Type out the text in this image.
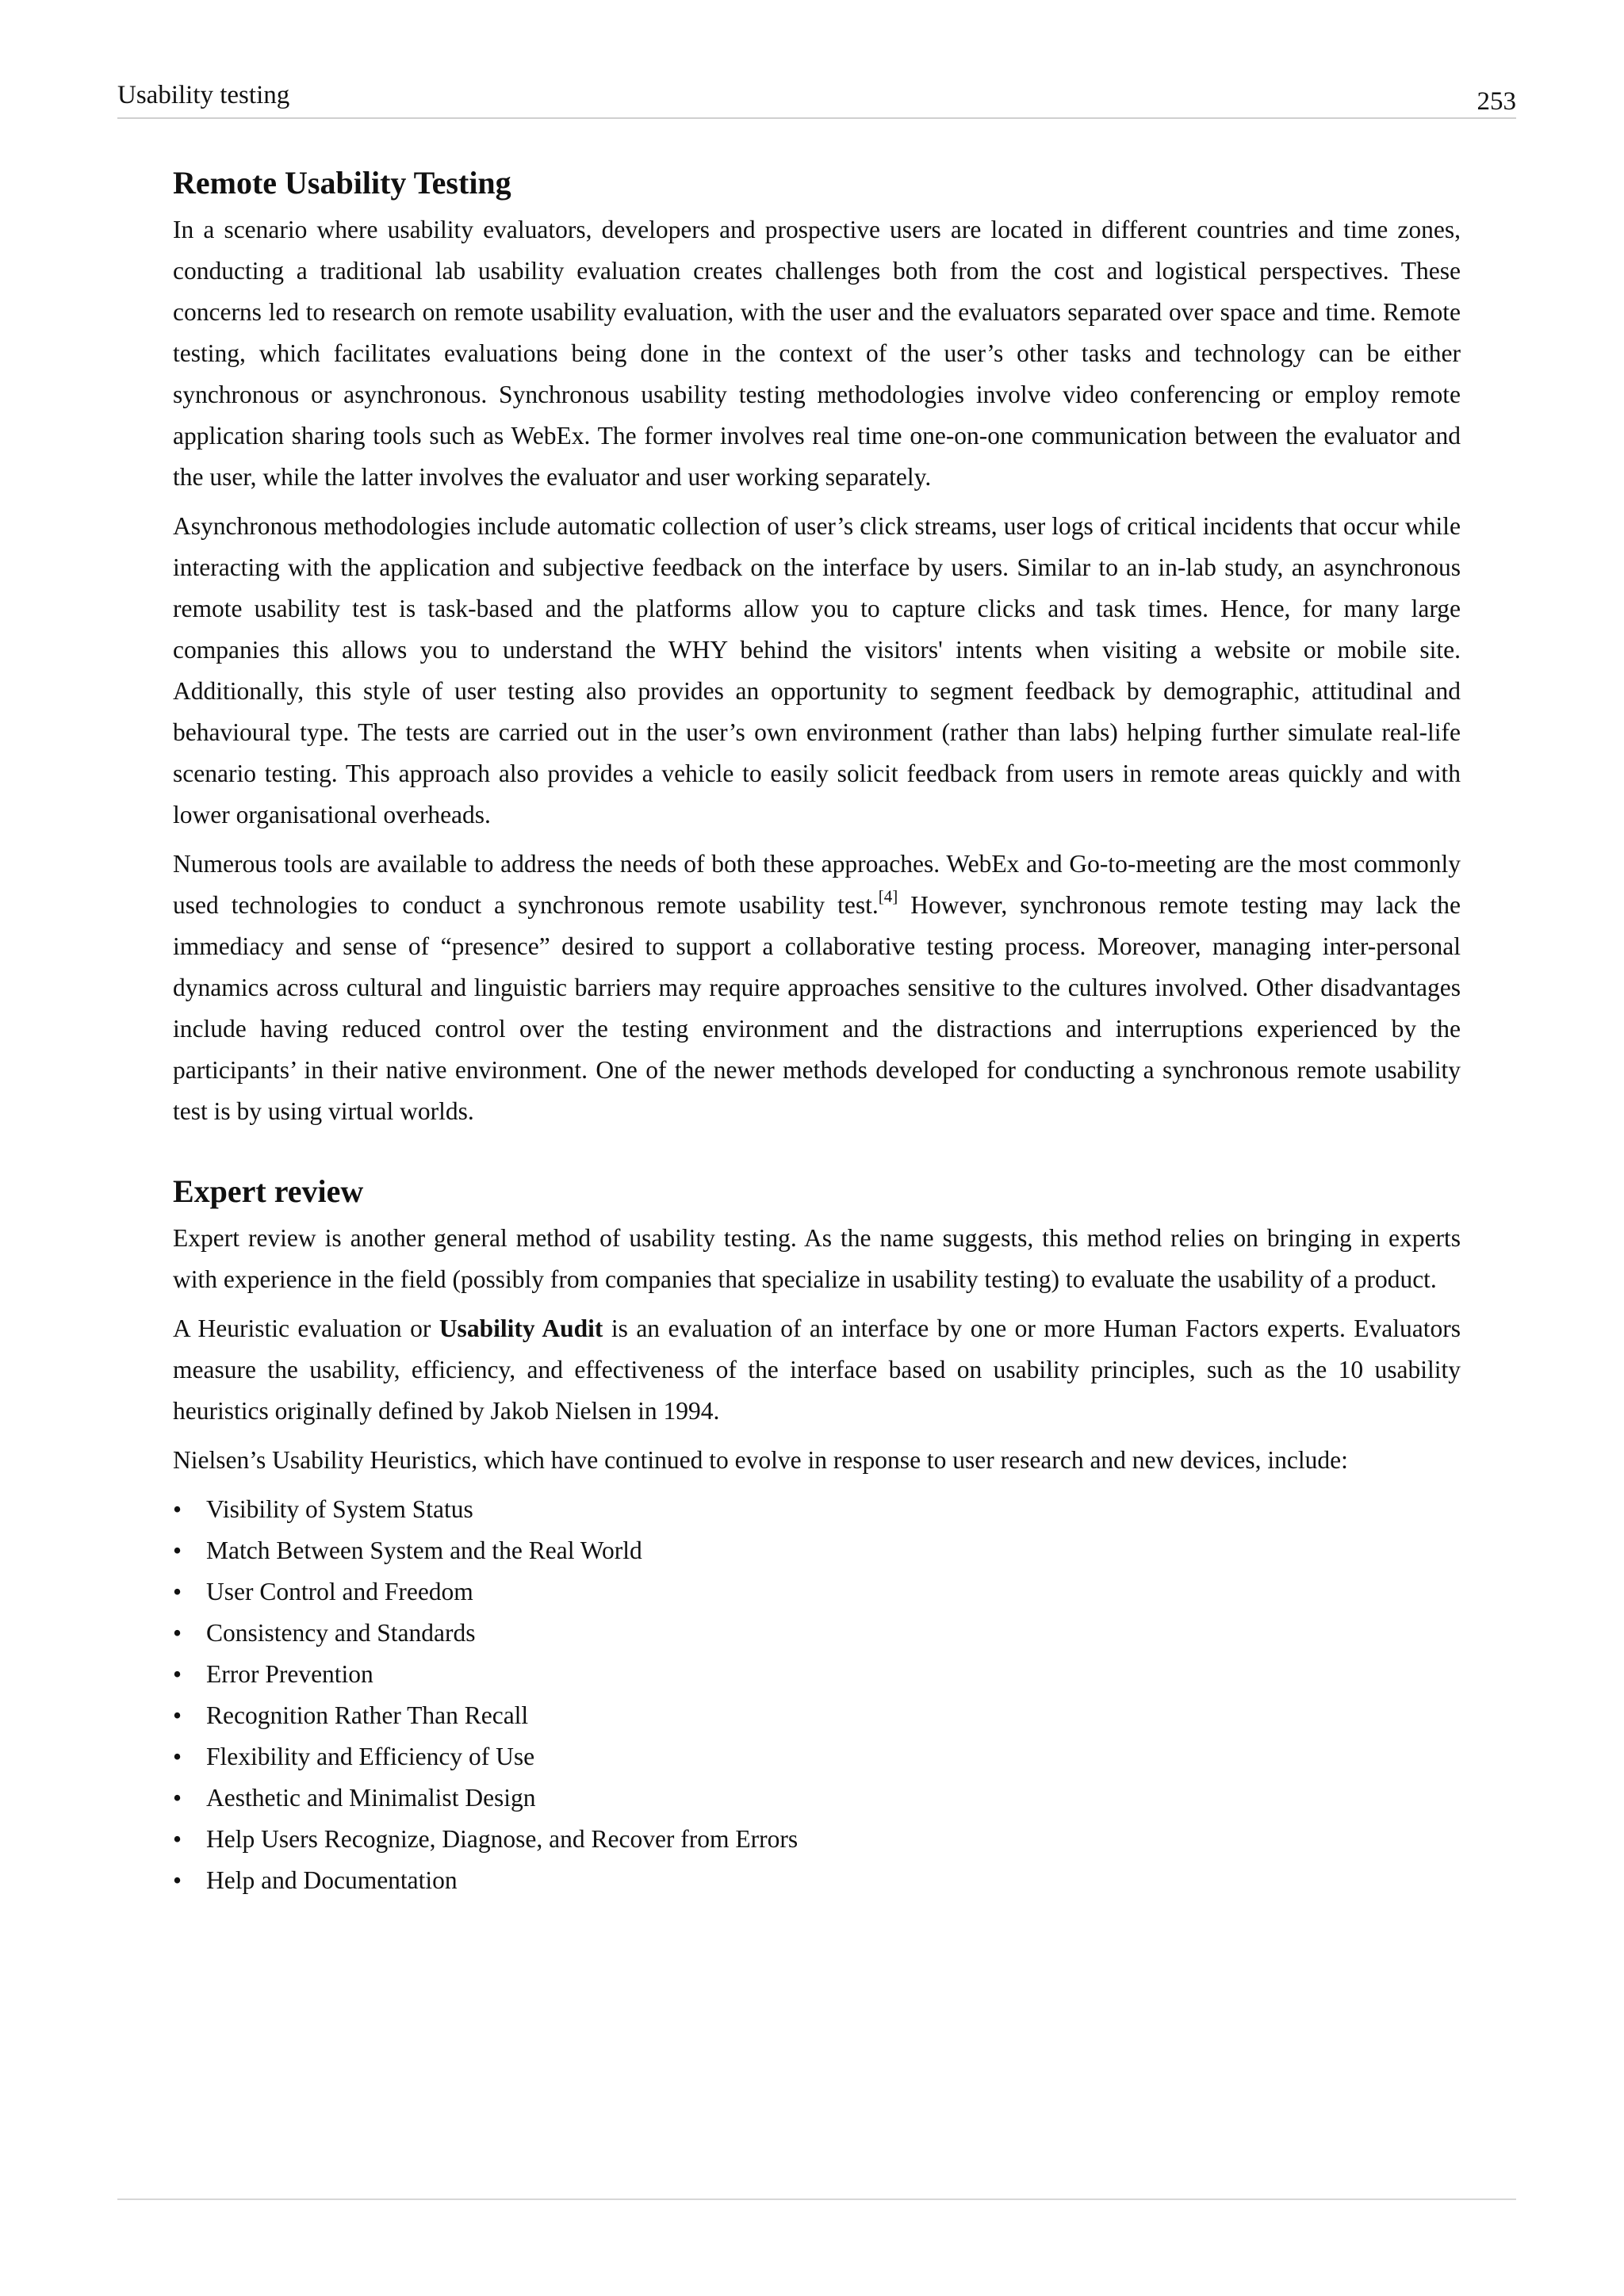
Usability testing	253
Remote Usability Testing

In a scenario where usability evaluators, developers and prospective users are located in different countries and time zones, conducting a traditional lab usability evaluation creates challenges both from the cost and logistical perspectives. These concerns led to research on remote usability evaluation, with the user and the evaluators separated over space and time. Remote testing, which facilitates evaluations being done in the context of the user’s other tasks and technology can be either synchronous or asynchronous. Synchronous usability testing methodologies involve video conferencing or employ remote application sharing tools such as WebEx. The former involves real time one-on-one communication between the evaluator and the user, while the latter involves the evaluator and user working separately.

Asynchronous methodologies include automatic collection of user’s click streams, user logs of critical incidents that occur while interacting with the application and subjective feedback on the interface by users. Similar to an in-lab study, an asynchronous remote usability test is task-based and the platforms allow you to capture clicks and task times. Hence, for many large companies this allows you to understand the WHY behind the visitors' intents when visiting a website or mobile site. Additionally, this style of user testing also provides an opportunity to segment feedback by demographic, attitudinal and behavioural type. The tests are carried out in the user’s own environment (rather than labs) helping further simulate real-life scenario testing. This approach also provides a vehicle to easily solicit feedback from users in remote areas quickly and with lower organisational overheads.

Numerous tools are available to address the needs of both these approaches. WebEx and Go-to-meeting are the most commonly used technologies to conduct a synchronous remote usability test.[4] However, synchronous remote testing may lack the immediacy and sense of “presence” desired to support a collaborative testing process. Moreover, managing inter-personal dynamics across cultural and linguistic barriers may require approaches sensitive to the cultures involved. Other disadvantages include having reduced control over the testing environment and the distractions and interruptions experienced by the participants’ in their native environment. One of the newer methods developed for conducting a synchronous remote usability test is by using virtual worlds.

Expert review

Expert review is another general method of usability testing. As the name suggests, this method relies on bringing in experts with experience in the field (possibly from companies that specialize in usability testing) to evaluate the usability of a product.

A Heuristic evaluation or Usability Audit is an evaluation of an interface by one or more Human Factors experts. Evaluators measure the usability, efficiency, and effectiveness of the interface based on usability principles, such as the 10 usability heuristics originally defined by Jakob Nielsen in 1994.

Nielsen’s Usability Heuristics, which have continued to evolve in response to user research and new devices, include:

• Visibility of System Status
• Match Between System and the Real World
• User Control and Freedom
• Consistency and Standards
• Error Prevention
• Recognition Rather Than Recall
• Flexibility and Efficiency of Use
• Aesthetic and Minimalist Design
• Help Users Recognize, Diagnose, and Recover from Errors
• Help and Documentation
